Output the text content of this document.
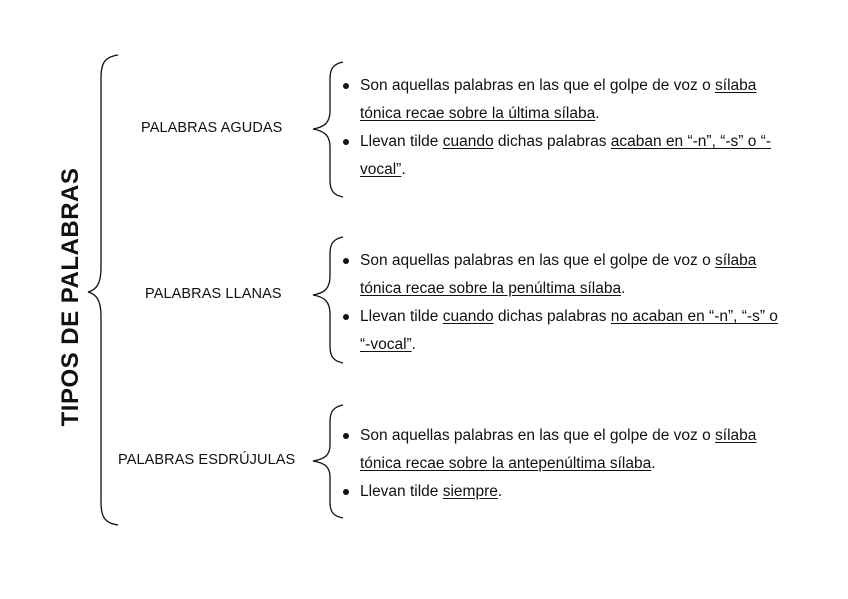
TIPOS DE PALABRAS
PALABRAS AGUDAS
PALABRAS LLANAS
PALABRAS ESDRÚJULAS
Son aquellas palabras en las que el golpe de voz o sílaba tónica recae sobre la última sílaba.
Llevan tilde cuando dichas palabras acaban en “-n”, “-s” o “-vocal”.
Son aquellas palabras en las que el golpe de voz o sílaba tónica recae sobre la penúltima sílaba.
Llevan tilde cuando dichas palabras no acaban en “-n”, “-s” o “-vocal”.
Son aquellas palabras en las que el golpe de voz o sílaba tónica recae sobre la antepenúltima sílaba.
Llevan tilde siempre.
